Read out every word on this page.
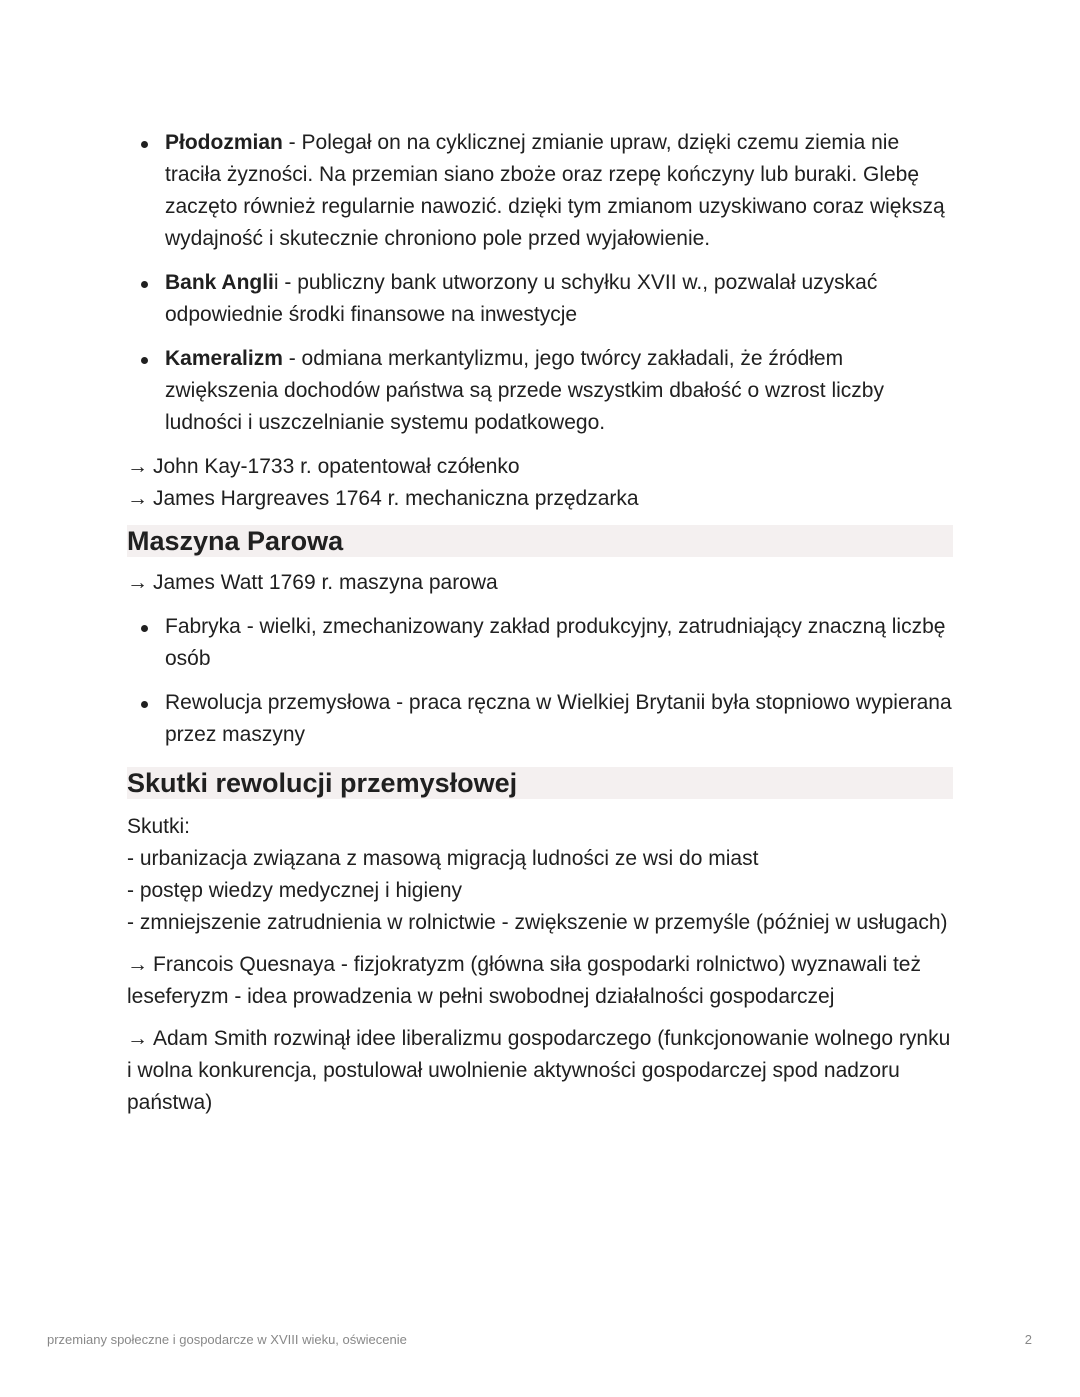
Płodozmian - Polegał on na cyklicznej zmianie upraw, dzięki czemu ziemia nie traciła żyzności. Na przemian siano zboże oraz rzepę kończyny lub buraki. Glebę zaczęto również regularnie nawozić. dzięki tym zmianom uzyskiwano coraz większą wydajność i skutecznie chroniono pole przed wyjałowienie.
Bank Anglii - publiczny bank utworzony u schyłku XVII w., pozwalał uzyskać odpowiednie środki finansowe na inwestycje
Kameralizm - odmiana merkantylizmu, jego twórcy zakładali, że źródłem zwiększenia dochodów państwa są przede wszystkim dbałość o wzrost liczby ludności i uszczelnianie systemu podatkowego.

→ John Kay-1733 r. opatentował czółenko

→ James Hargreaves 1764 r. mechaniczna przędzarka

Maszyna Parowa

→ James Watt 1769 r. maszyna parowa

Fabryka - wielki, zmechanizowany zakład produkcyjny, zatrudniający znaczną liczbę osób
Rewolucja przemysłowa - praca ręczna w Wielkiej Brytanii była stopniowo wypierana przez maszyny
Skutki rewolucji przemysłowej
Skutki:
- urbanizacja związana z masową migracją ludności ze wsi do miast
- postęp wiedzy medycznej i higieny
- zmniejszenie zatrudnienia w rolnictwie - zwiększenie w przemyśle (później w usługach)

→ Francois Quesnaya - fizjokratyzm (główna siła gospodarki rolnictwo) wyznawali też leseferyzm - idea prowadzenia w pełni swobodnej działalności gospodarczej

→ Adam Smith rozwinął idee liberalizmu gospodarczego (funkcjonowanie wolnego rynku i wolna konkurencja, postulował uwolnienie aktywności gospodarczej spod nadzoru państwa)

przemiany społeczne i gospodarcze w XVIII wieku, oświecenie	2
